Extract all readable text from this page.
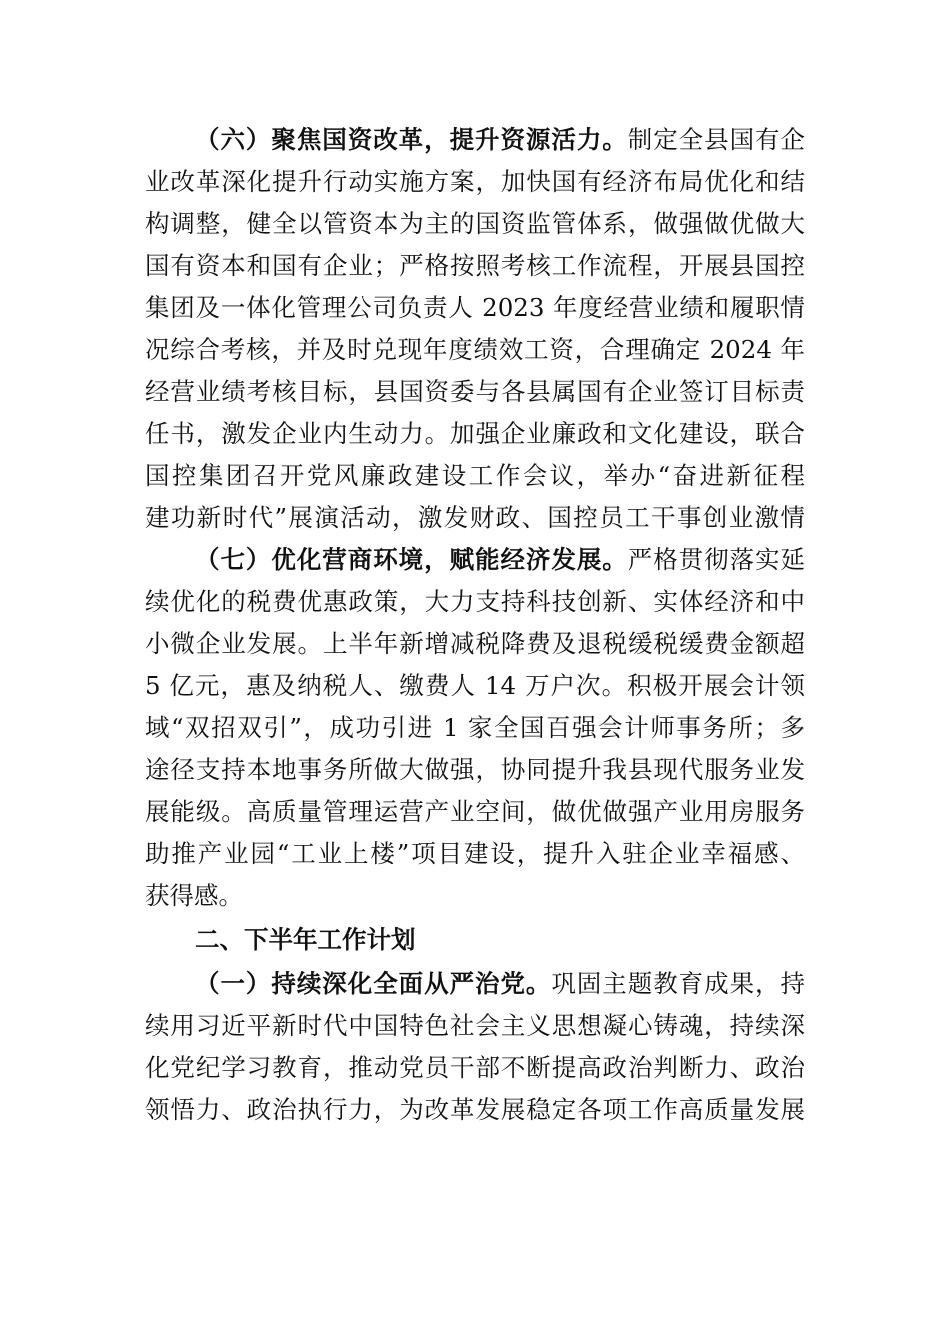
（六）聚焦国资改革，提升资源活力。制定全县国有企
业改革深化提升行动实施方案，加快国有经济布局优化和结
构调整，健全以管资本为主的国资监管体系，做强做优做大
国有资本和国有企业；严格按照考核工作流程，开展县国控
集团及一体化管理公司负责人 2023 年度经营业绩和履职情
况综合考核，并及时兑现年度绩效工资，合理确定 2024 年
经营业绩考核目标，县国资委与各县属国有企业签订目标责
任书，激发企业内生动力。加强企业廉政和文化建设，联合
国控集团召开党风廉政建设工作会议，举办“奋进新征程
建功新时代”展演活动，激发财政、国控员工干事创业激情
（七）优化营商环境，赋能经济发展。严格贯彻落实延
续优化的税费优惠政策，大力支持科技创新、实体经济和中
小微企业发展。上半年新增减税降费及退税缓税缓费金额超
5 亿元，惠及纳税人、缴费人 14 万户次。积极开展会计领
域“双招双引”，成功引进 1 家全国百强会计师事务所；多
途径支持本地事务所做大做强，协同提升我县现代服务业发
展能级。高质量管理运营产业空间，做优做强产业用房服务
助推产业园“工业上楼”项目建设，提升入驻企业幸福感、
获得感。
二、下半年工作计划
（一）持续深化全面从严治党。巩固主题教育成果，持
续用习近平新时代中国特色社会主义思想凝心铸魂，持续深
化党纪学习教育，推动党员干部不断提高政治判断力、政治
领悟力、政治执行力，为改革发展稳定各项工作高质量发展
